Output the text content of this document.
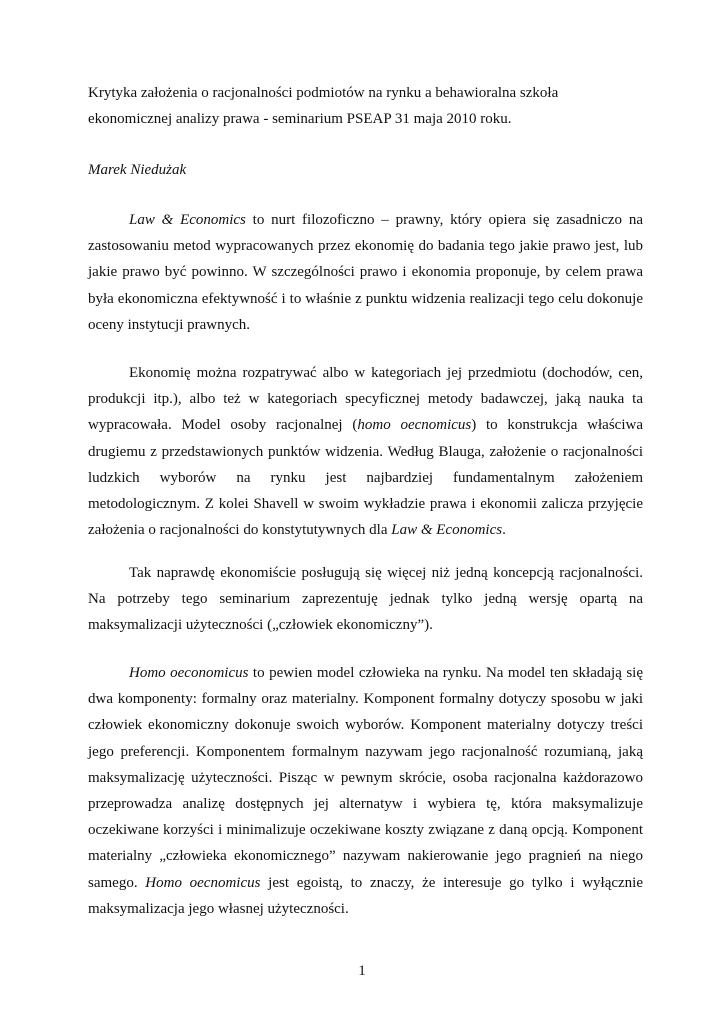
Krytyka założenia o racjonalności podmiotów na rynku a behawioralna szkoła ekonomicznej analizy prawa - seminarium PSEAP 31 maja 2010 roku.

Marek Niedużak

Law & Economics to nurt filozoficzno – prawny, który opiera się zasadniczo na zastosowaniu metod wypracowanych przez ekonomię do badania tego jakie prawo jest, lub jakie prawo być powinno. W szczególności prawo i ekonomia proponuje, by celem prawa była ekonomiczna efektywność i to właśnie z punktu widzenia realizacji tego celu dokonuje oceny instytucji prawnych.

Ekonomię można rozpatrywać albo w kategoriach jej przedmiotu (dochodów, cen, produkcji itp.), albo też w kategoriach specyficznej metody badawczej, jaką nauka ta wypracowała. Model osoby racjonalnej (homo oecnomicus) to konstrukcja właściwa drugiemu z przedstawionych punktów widzenia. Według Blauga, założenie o racjonalności ludzkich wyborów na rynku jest najbardziej fundamentalnym założeniem metodologicznym. Z kolei Shavell w swoim wykładzie prawa i ekonomii zalicza przyjęcie założenia o racjonalności do konstytutywnych dla Law & Economics.

Tak naprawdę ekonomiście posługują się więcej niż jedną koncepcją racjonalności. Na potrzeby tego seminarium zaprezentuję jednak tylko jedną wersję opartą na maksymalizacji użyteczności („człowiek ekonomiczny”).

Homo oeconomicus to pewien model człowieka na rynku. Na model ten składają się dwa komponenty: formalny oraz materialny. Komponent formalny dotyczy sposobu w jaki człowiek ekonomiczny dokonuje swoich wyborów. Komponent materialny dotyczy treści jego preferencji. Komponentem formalnym nazywam jego racjonalność rozumianą, jaką maksymalizację użyteczności. Pisząc w pewnym skrócie, osoba racjonalna każdorazowo przeprowadza analizę dostępnych jej alternatyw i wybiera tę, która maksymalizuje oczekiwane korzyści i minimalizuje oczekiwane koszty związane z daną opcją. Komponent materialny „człowieka ekonomicznego” nazywam nakierowanie jego pragnień na niego samego. Homo oecnomicus jest egoistą, to znaczy, że interesuje go tylko i wyłącznie maksymalizacja jego własnej użyteczności.

1
